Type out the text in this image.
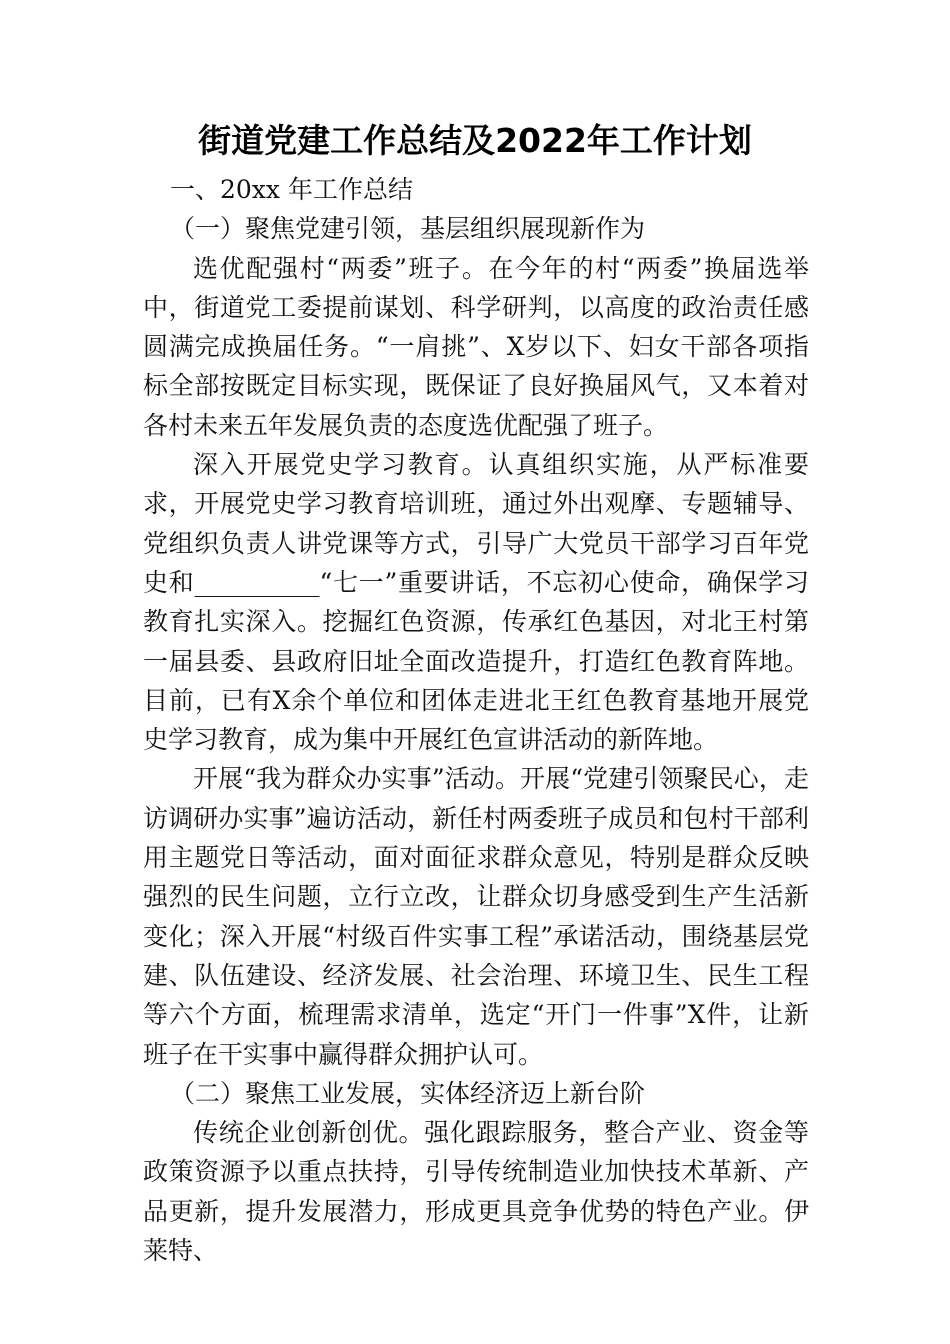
街道党建工作总结及2022年工作计划

一、20xx 年工作总结

（一）聚焦党建引领，基层组织展现新作为

选优配强村“两委”班子。在今年的村“两委”换届选举中，街道党工委提前谋划、科学研判，以高度的政治责任感圆满完成换届任务。“一肩挑”、X岁以下、妇女干部各项指标全部按既定目标实现，既保证了良好换届风气，又本着对各村未来五年发展负责的态度选优配强了班子。

深入开展党史学习教育。认真组织实施，从严标准要求，开展党史学习教育培训班，通过外出观摩、专题辅导、党组织负责人讲党课等方式，引导广大党员干部学习百年党史和__________“七一”重要讲话，不忘初心使命，确保学习教育扎实深入。挖掘红色资源，传承红色基因，对北王村第一届县委、县政府旧址全面改造提升，打造红色教育阵地。目前，已有X余个单位和团体走进北王红色教育基地开展党史学习教育，成为集中开展红色宣讲活动的新阵地。

开展“我为群众办实事”活动。开展“党建引领聚民心，走访调研办实事”遍访活动，新任村两委班子成员和包村干部利用主题党日等活动，面对面征求群众意见，特别是群众反映强烈的民生问题，立行立改，让群众切身感受到生产生活新变化；深入开展“村级百件实事工程”承诺活动，围绕基层党建、队伍建设、经济发展、社会治理、环境卫生、民生工程等六个方面，梳理需求清单，选定“开门一件事”X件，让新班子在干实事中赢得群众拥护认可。

（二）聚焦工业发展，实体经济迈上新台阶

传统企业创新创优。强化跟踪服务，整合产业、资金等政策资源予以重点扶持，引导传统制造业加快技术革新、产品更新，提升发展潜力，形成更具竞争优势的特色产业。伊莱特、
